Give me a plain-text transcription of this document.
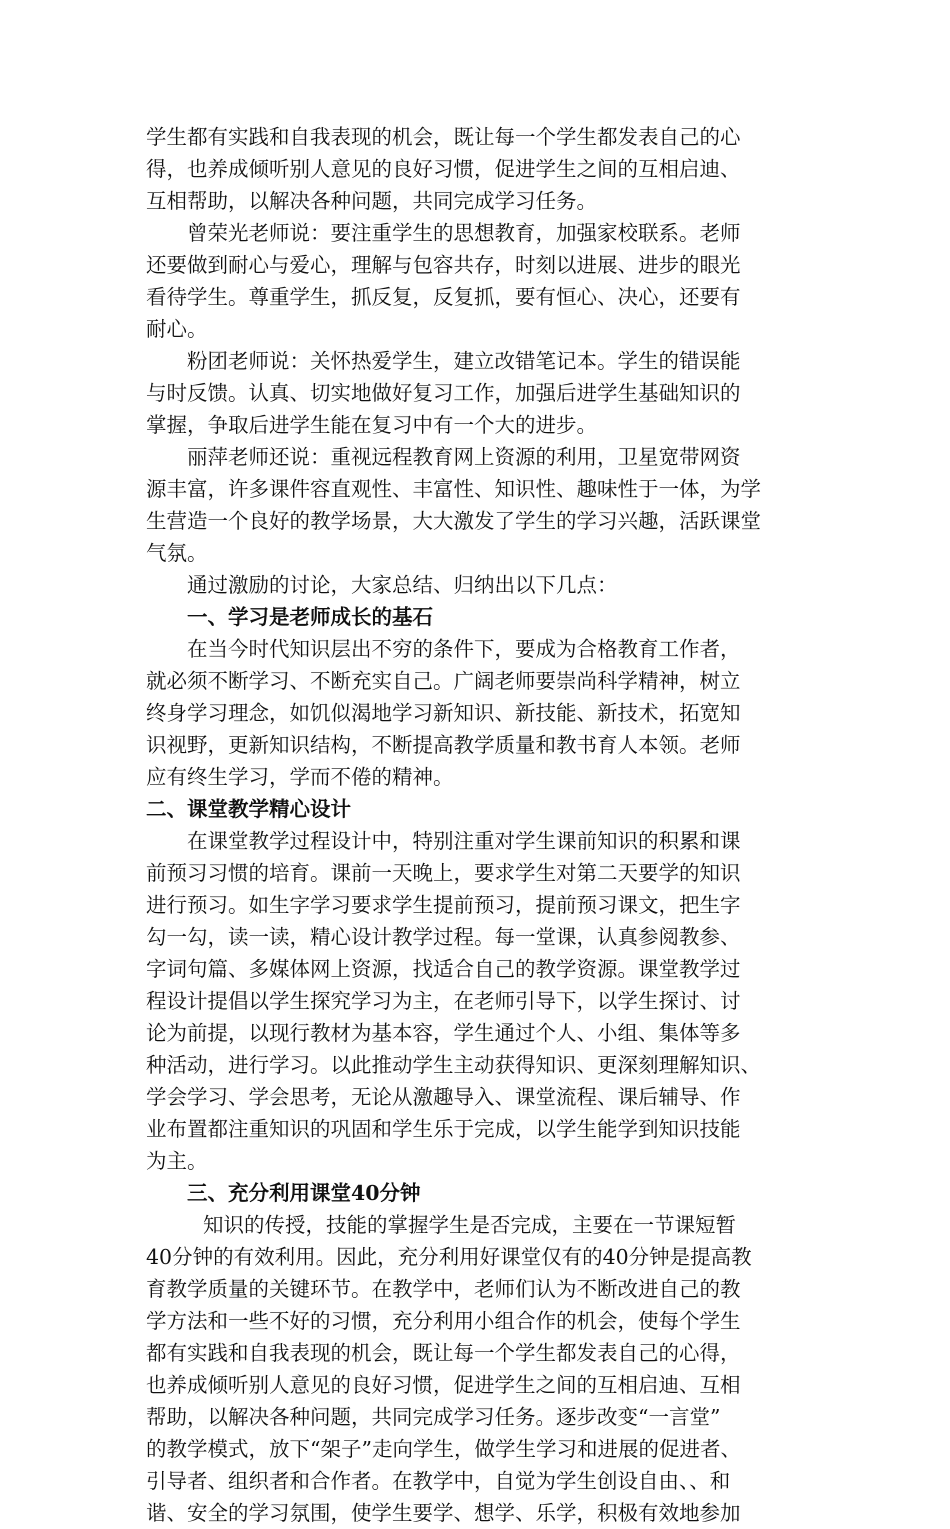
学生都有实践和自我表现的机会，既让每一个学生都发表自己的心
得，也养成倾听别人意见的良好习惯，促进学生之间的互相启迪、
互相帮助，以解决各种问题，共同完成学习任务。
曾荣光老师说：要注重学生的思想教育，加强家校联系。老师
还要做到耐心与爱心，理解与包容共存，时刻以进展、进步的眼光
看待学生。尊重学生，抓反复，反复抓，要有恒心、决心，还要有
耐心。
粉团老师说：关怀热爱学生，建立改错笔记本。学生的错误能
与时反馈。认真、切实地做好复习工作，加强后进学生基础知识的
掌握，争取后进学生能在复习中有一个大的进步。
丽萍老师还说：重视远程教育网上资源的利用，卫星宽带网资
源丰富，许多课件容直观性、丰富性、知识性、趣味性于一体，为学
生营造一个良好的教学场景，大大激发了学生的学习兴趣，活跃课堂
气氛。
通过激励的讨论，大家总结、归纳出以下几点：
一、学习是老师成长的基石
在当今时代知识层出不穷的条件下，要成为合格教育工作者，
就必须不断学习、不断充实自己。广阔老师要崇尚科学精神，树立
终身学习理念，如饥似渴地学习新知识、新技能、新技术，拓宽知
识视野，更新知识结构，不断提高教学质量和教书育人本领。老师
应有终生学习，学而不倦的精神。
二、课堂教学精心设计
在课堂教学过程设计中，特别注重对学生课前知识的积累和课
前预习习惯的培育。课前一天晚上，要求学生对第二天要学的知识
进行预习。如生字学习要求学生提前预习，提前预习课文，把生字
勾一勾，读一读，精心设计教学过程。每一堂课，认真参阅教参、
字词句篇、多媒体网上资源，找适合自己的教学资源。课堂教学过
程设计提倡以学生探究学习为主，在老师引导下，以学生探讨、讨
论为前提，以现行教材为基本容，学生通过个人、小组、集体等多
种活动，进行学习。以此推动学生主动获得知识、更深刻理解知识、
学会学习、学会思考，无论从激趣导入、课堂流程、课后辅导、作
业布置都注重知识的巩固和学生乐于完成，以学生能学到知识技能
为主。
三、充分利用课堂40分钟
知识的传授，技能的掌握学生是否完成，主要在一节课短暂
40分钟的有效利用。因此，充分利用好课堂仅有的40分钟是提高教
育教学质量的关键环节。在教学中，老师们认为不断改进自己的教
学方法和一些不好的习惯，充分利用小组合作的机会，使每个学生
都有实践和自我表现的机会，既让每一个学生都发表自己的心得，
也养成倾听别人意见的良好习惯，促进学生之间的互相启迪、互相
帮助，以解决各种问题，共同完成学习任务。逐步改变“一言堂”
的教学模式，放下“架子”走向学生，做学生学习和进展的促进者、
引导者、组织者和合作者。在教学中，自觉为学生创设自由、、和
谐、安全的学习氛围，使学生要学、想学、乐学，积极有效地参加
